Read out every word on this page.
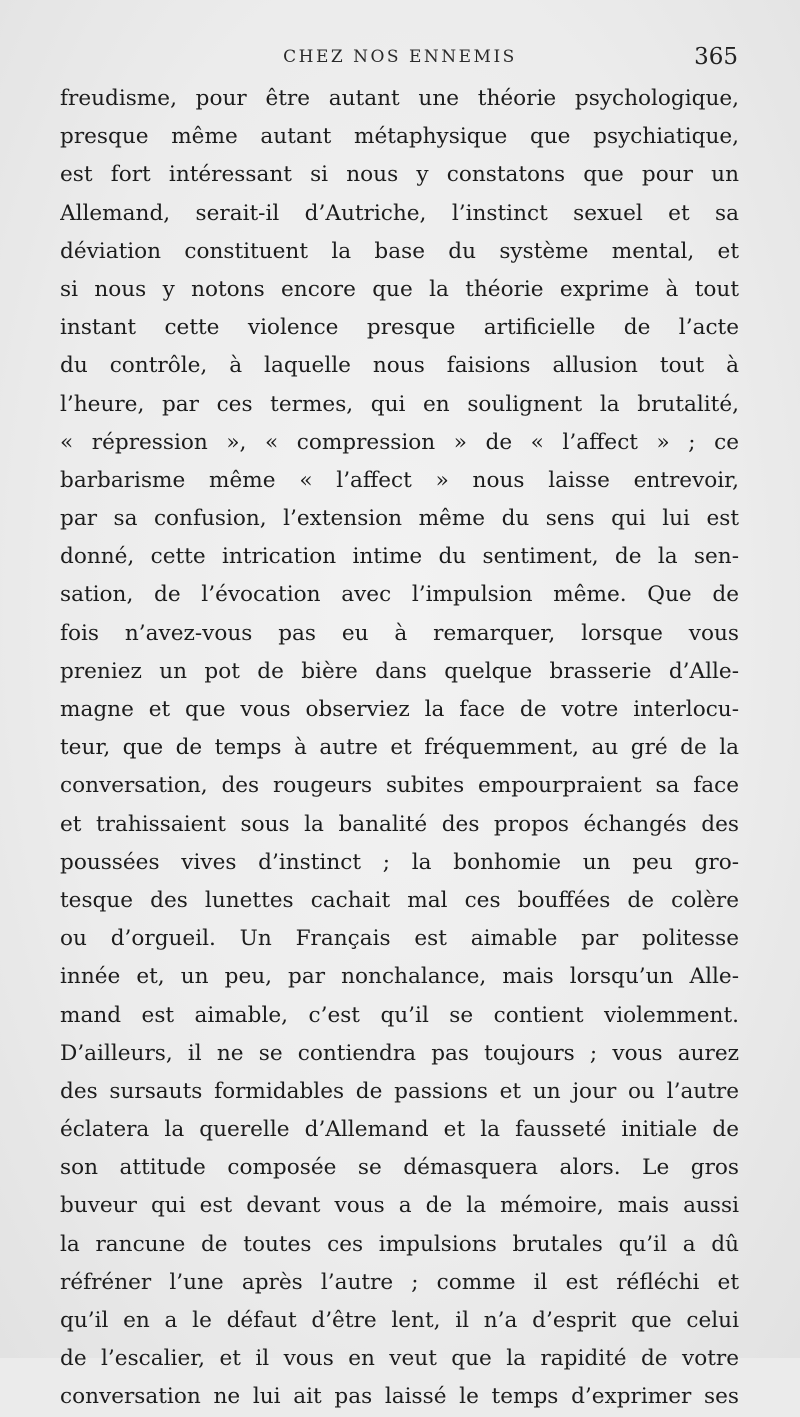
CHEZ NOS ENNEMIS	365
freudisme, pour être autant une théorie psychologique,
presque même autant métaphysique que psychiatique,
est fort intéressant si nous y constatons que pour un
Allemand, serait-il d’Autriche, l’instinct sexuel et sa
déviation constituent la base du système mental, et
si nous y notons encore que la théorie exprime à tout
instant cette violence presque artificielle de l’acte
du contrôle, à laquelle nous faisions allusion tout à
l’heure, par ces termes, qui en soulignent la brutalité,
« répression », « compression » de « l’affect » ; ce
barbarisme même « l’affect » nous laisse entrevoir,
par sa confusion, l’extension même du sens qui lui est
donné, cette intrication intime du sentiment, de la sen-
sation, de l’évocation avec l’impulsion même. Que de
fois n’avez-vous pas eu à remarquer, lorsque vous
preniez un pot de bière dans quelque brasserie d’Alle-
magne et que vous observiez la face de votre interlocu-
teur, que de temps à autre et fréquemment, au gré de la
conversation, des rougeurs subites empourpraient sa face
et trahissaient sous la banalité des propos échangés des
poussées vives d’instinct ; la bonhomie un peu gro-
tesque des lunettes cachait mal ces bouffées de colère
ou d’orgueil. Un Français est aimable par politesse
innée et, un peu, par nonchalance, mais lorsqu’un Alle-
mand est aimable, c’est qu’il se contient violemment.
D’ailleurs, il ne se contiendra pas toujours ; vous aurez
des sursauts formidables de passions et un jour ou l’autre
éclatera la querelle d’Allemand et la fausseté initiale de
son attitude composée se démasquera alors. Le gros
buveur qui est devant vous a de la mémoire, mais aussi
la rancune de toutes ces impulsions brutales qu’il a dû
réfréner l’une après l’autre ; comme il est réfléchi et
qu’il en a le défaut d’être lent, il n’a d’esprit que celui
de l’escalier, et il vous en veut que la rapidité de votre
conversation ne lui ait pas laissé le temps d’exprimer ses
